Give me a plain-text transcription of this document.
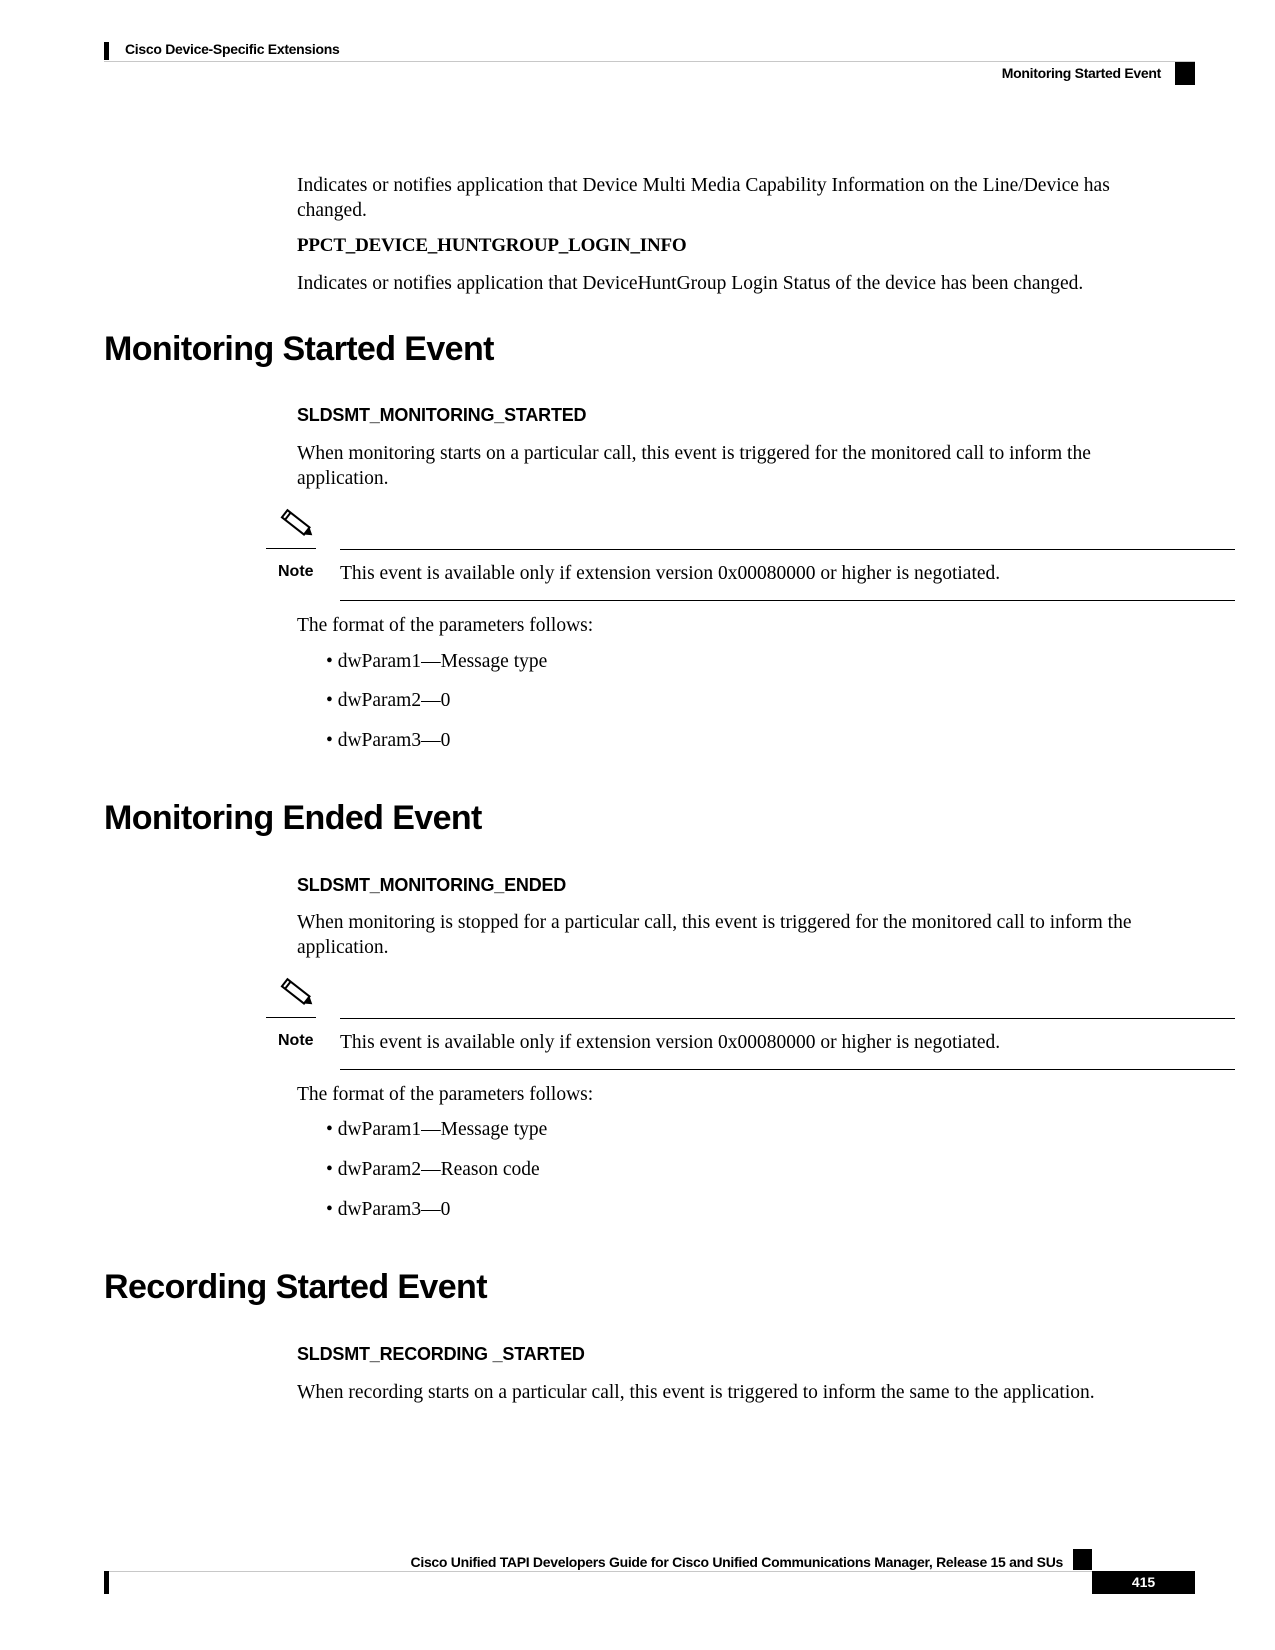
Cisco Device-Specific Extensions
Monitoring Started Event
Indicates or notifies application that Device Multi Media Capability Information on the Line/Device has changed.
PPCT_DEVICE_HUNTGROUP_LOGIN_INFO
Indicates or notifies application that DeviceHuntGroup Login Status of the device has been changed.
Monitoring Started Event
SLDSMT_MONITORING_STARTED
When monitoring starts on a particular call, this event is triggered for the monitored call to inform the application.
Note This event is available only if extension version 0x00080000 or higher is negotiated.
The format of the parameters follows:
• dwParam1—Message type
• dwParam2—0
• dwParam3—0
Monitoring Ended Event
SLDSMT_MONITORING_ENDED
When monitoring is stopped for a particular call, this event is triggered for the monitored call to inform the application.
Note This event is available only if extension version 0x00080000 or higher is negotiated.
The format of the parameters follows:
• dwParam1—Message type
• dwParam2—Reason code
• dwParam3—0
Recording Started Event
SLDSMT_RECORDING _STARTED
When recording starts on a particular call, this event is triggered to inform the same to the application.
Cisco Unified TAPI Developers Guide for Cisco Unified Communications Manager, Release 15 and SUs
415
